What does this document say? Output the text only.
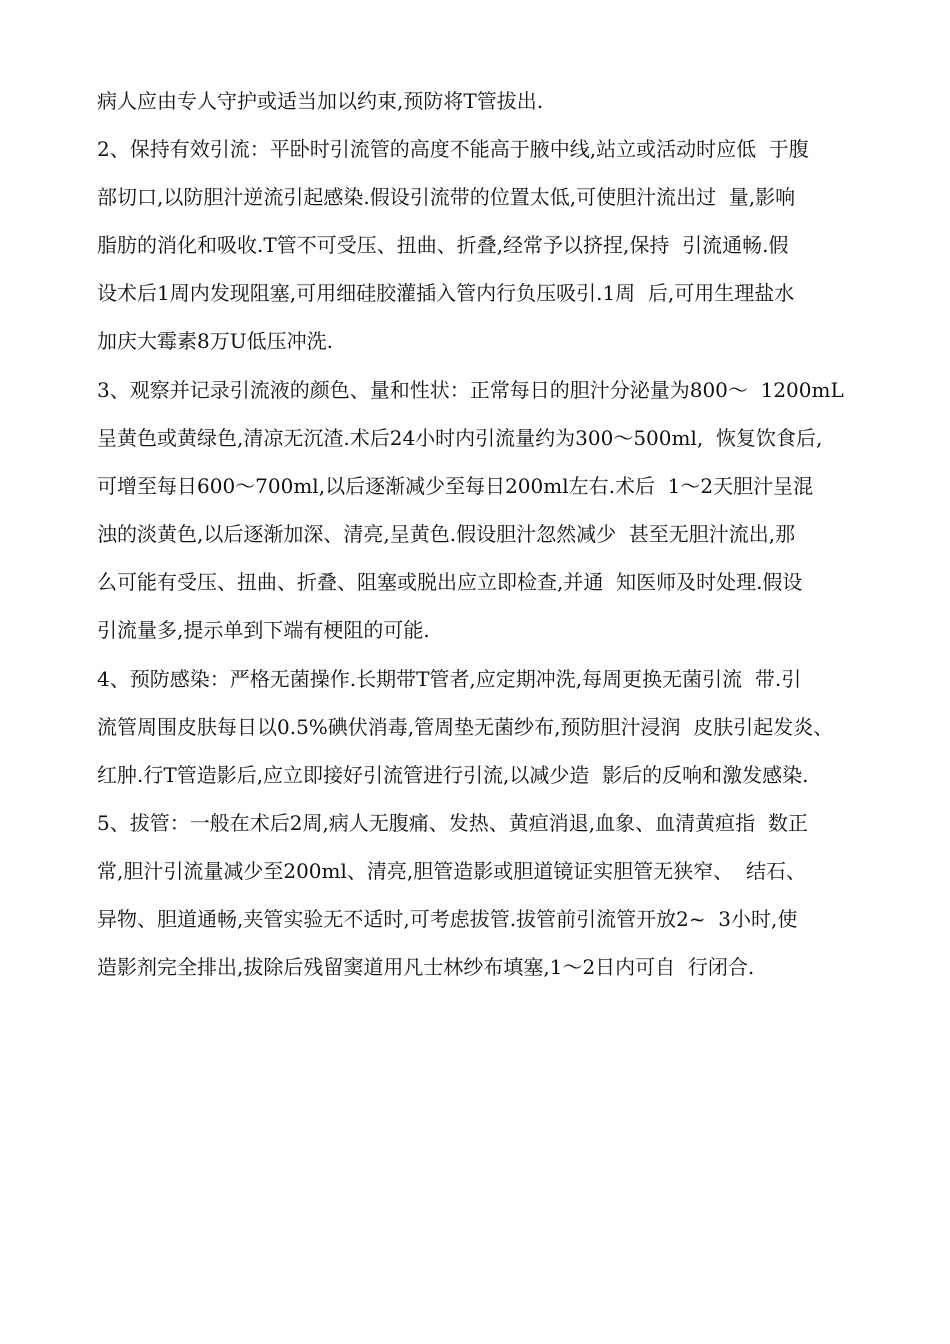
病人应由专人守护或适当加以约束,预防将T管拔出.

2、保持有效引流：平卧时引流管的高度不能高于腋中线,站立或活动时应低  于腹

部切口,以防胆汁逆流引起感染.假设引流带的位置太低,可使胆汁流出过  量,影响

脂肪的消化和吸收.T管不可受压、扭曲、折叠,经常予以挤捏,保持  引流通畅.假

设术后1周内发现阻塞,可用细硅胶灌插入管内行负压吸引.1周  后,可用生理盐水

加庆大霉素8万U低压冲洗.

3、观察并记录引流液的颜色、量和性状：正常每日的胆汁分泌量为800〜  1200mL

呈黄色或黄绿色,清凉无沉渣.术后24小时内引流量约为300〜500ml,  恢复饮食后,

可增至每日600〜700ml,以后逐渐减少至每日200ml左右.术后  1〜2天胆汁呈混

浊的淡黄色,以后逐渐加深、清亮,呈黄色.假设胆汁忽然减少  甚至无胆汁流出,那

么可能有受压、扭曲、折叠、阻塞或脱出应立即检查,并通  知医师及时处理.假设

引流量多,提示单到下端有梗阻的可能.

4、预防感染：严格无菌操作.长期带T管者,应定期冲洗,每周更换无菌引流  带.引

流管周围皮肤每日以0.5%碘伏消毒,管周垫无菌纱布,预防胆汁浸润  皮肤引起发炎、

红肿.行T管造影后,应立即接好引流管进行引流,以减少造  影后的反响和激发感染.

5、拔管：一般在术后2周,病人无腹痛、发热、黄疸消退,血象、血清黄疸指  数正

常,胆汁引流量减少至200ml、清亮,胆管造影或胆道镜证实胆管无狭窄、  结石、

异物、胆道通畅,夹管实验无不适时,可考虑拔管.拔管前引流管开放2~  3小时,使

造影剂完全排出,拔除后残留窦道用凡士林纱布填塞,1〜2日内可自  行闭合.
